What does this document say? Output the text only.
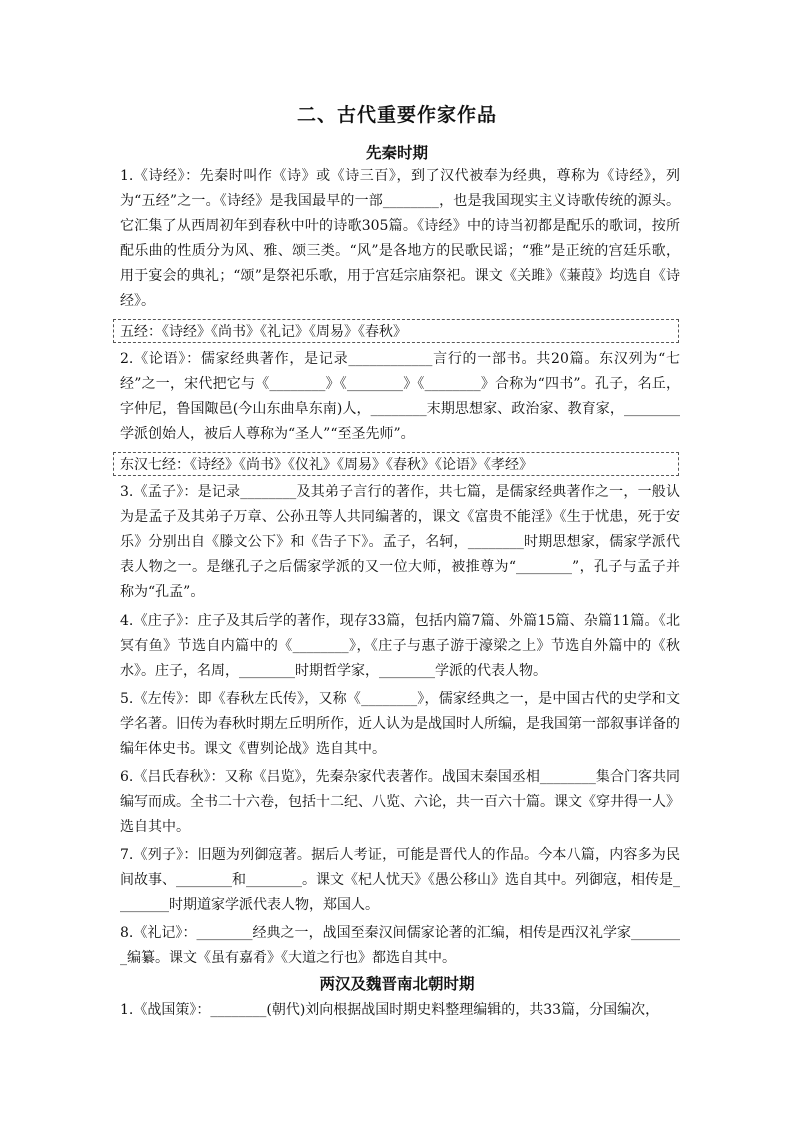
二、古代重要作家作品
先秦时期
1.《诗经》：先秦时叫作《诗》或《诗三百》，到了汉代被奉为经典，尊称为《诗经》，列为“五经”之一。《诗经》是我国最早的一部________，也是我国现实主义诗歌传统的源头。它汇集了从西周初年到春秋中叶的诗歌305篇。《诗经》中的诗当初都是配乐的歌词，按所配乐曲的性质分为风、雅、颂三类。“风”是各地方的民歌民谣；“雅”是正统的宫廷乐歌，用于宴会的典礼；“颂”是祭祀乐歌，用于宫廷宗庙祭祀。课文《关雎》《蒹葭》均选自《诗经》。
五经：《诗经》《尚书》《礼记》《周易》《春秋》
2.《论语》：儒家经典著作，是记录____________言行的一部书。共20篇。东汉列为“七经”之一，宋代把它与《________》《________》《________》合称为“四书”。孔子，名丘，字仲尼，鲁国陬邑(今山东曲阜东南)人，________末期思想家、政治家、教育家，________学派创始人，被后人尊称为“圣人”“至圣先师”。
东汉七经：《诗经》《尚书》《仪礼》《周易》《春秋》《论语》《孝经》
3.《孟子》：是记录________及其弟子言行的著作，共七篇，是儒家经典著作之一，一般认为是孟子及其弟子万章、公孙丑等人共同编著的，课文《富贵不能淫》《生于忧患，死于安乐》分别出自《滕文公下》和《告子下》。孟子，名轲，________时期思想家，儒家学派代表人物之一。是继孔子之后儒家学派的又一位大师，被推尊为“________”，孔子与孟子并称为“孔孟”。
4.《庄子》：庄子及其后学的著作，现存33篇，包括内篇7篇、外篇15篇、杂篇11篇。《北冥有鱼》节选自内篇中的《________》，《庄子与惠子游于濠梁之上》节选自外篇中的《秋水》。庄子，名周，________时期哲学家，________学派的代表人物。
5.《左传》：即《春秋左氏传》，又称《________》，儒家经典之一，是中国古代的史学和文学名著。旧传为春秋时期左丘明所作，近人认为是战国时人所编，是我国第一部叙事详备的编年体史书。课文《曹刿论战》选自其中。
6.《吕氏春秋》：又称《吕览》，先秦杂家代表著作。战国末秦国丞相________集合门客共同编写而成。全书二十六卷，包括十二纪、八览、六论，共一百六十篇。课文《穿井得一人》选自其中。
7.《列子》：旧题为列御寇著。据后人考证，可能是晋代人的作品。今本八篇，内容多为民间故事、________和________。课文《杞人忧天》《愚公移山》选自其中。列御寇，相传是________时期道家学派代表人物，郑国人。
8.《礼记》：________经典之一，战国至秦汉间儒家论著的汇编，相传是西汉礼学家________编纂。课文《虽有嘉肴》《大道之行也》都选自其中。
两汉及魏晋南北朝时期
1.《战国策》：________(朝代)刘向根据战国时期史料整理编辑的，共33篇，分国编次，
